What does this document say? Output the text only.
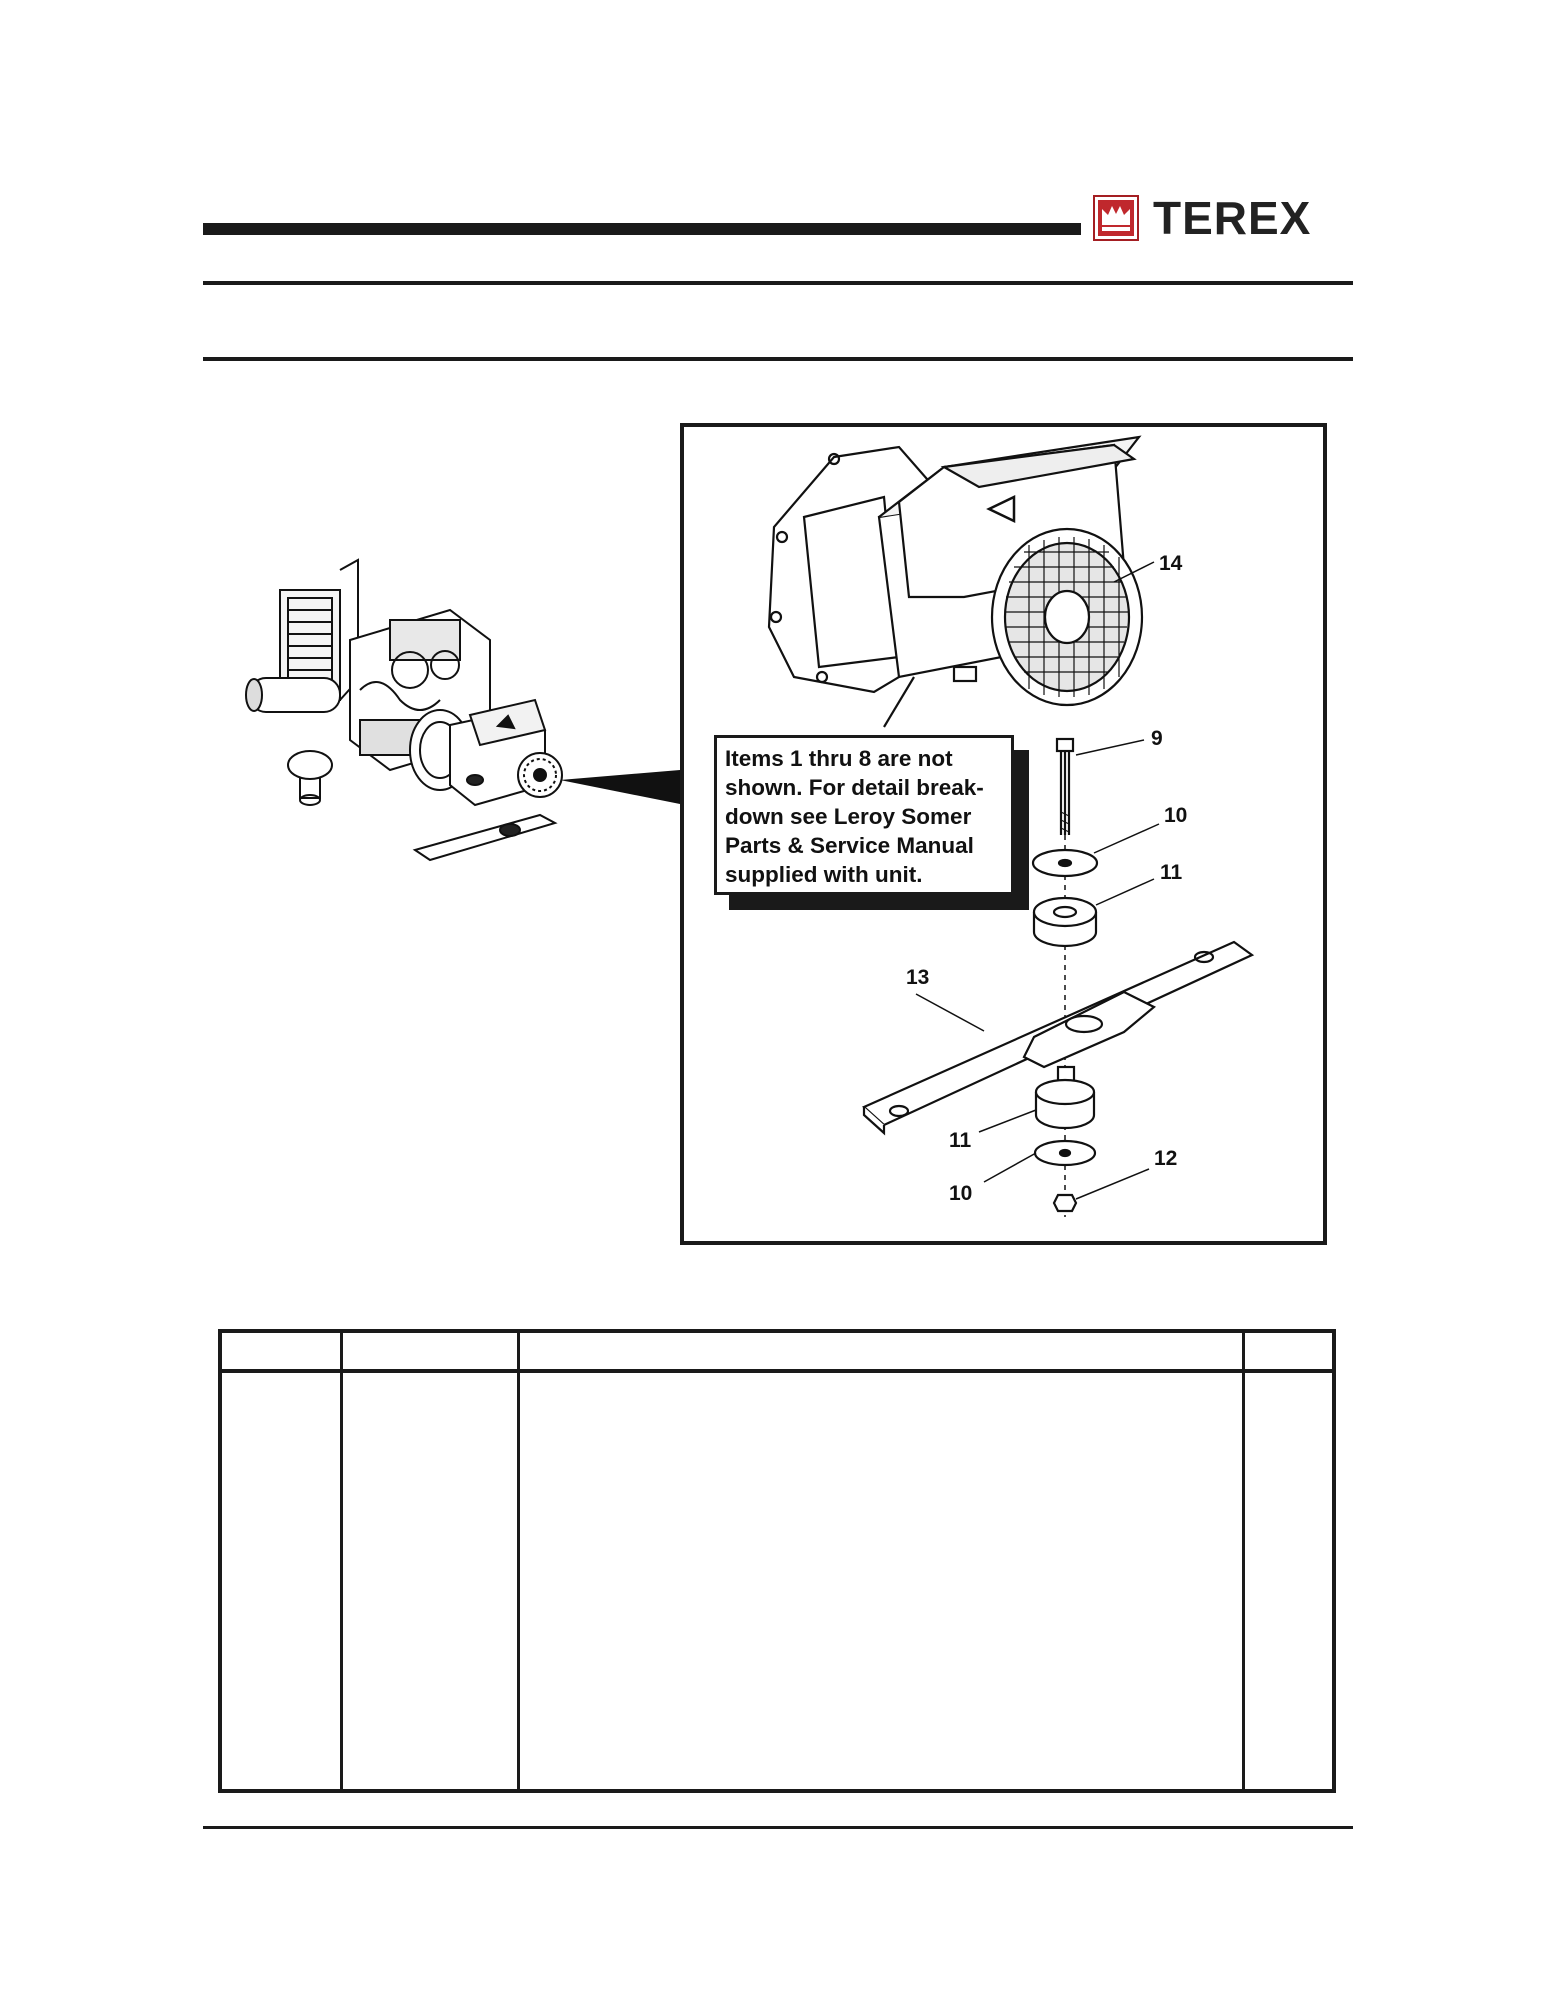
TEREX
14
9
10
11
13
11
10
12
Items 1 thru 8 are not
shown. For detail break-
down see Leroy Somer
Parts & Service Manual
supplied with unit.
